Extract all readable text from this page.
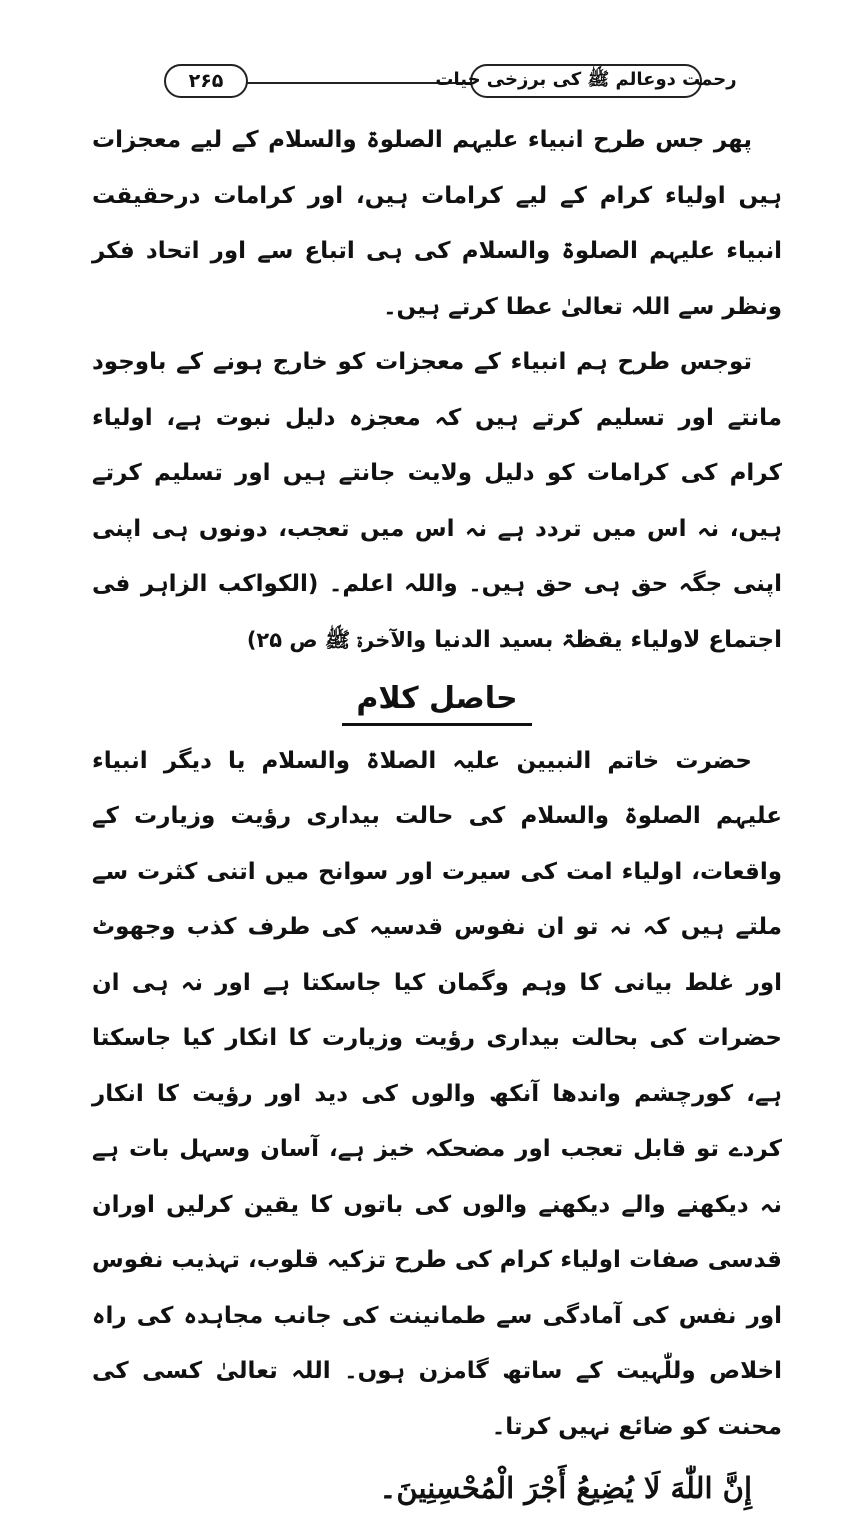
۲۶۵	رحمت دوعالم ﷺ کی برزخی حیات

پھر جس طرح انبیاء علیہم الصلوۃ والسلام کے لیے معجزات ہیں اولیاء کرام کے لیے کرامات ہیں، اور کرامات درحقیقت انبیاء علیہم الصلوۃ والسلام کی ہی اتباع سے اور اتحاد فکر ونظر سے اللہ تعالیٰ عطا کرتے ہیں۔

توجس طرح ہم انبیاء کے معجزات کو خارج ہونے کے باوجود مانتے اور تسلیم کرتے ہیں کہ معجزہ دلیل نبوت ہے، اولیاء کرام کی کرامات کو دلیل ولایت جانتے ہیں اور تسلیم کرتے ہیں، نہ اس میں تردد ہے نہ اس میں تعجب، دونوں ہی اپنی اپنی جگہ حق ہی حق ہیں۔ واللہ اعلم۔ (الکواکب الزاہر فی اجتماع لاولیاء یقظۃ بسید الدنیا والآخرۃ ﷺ ص ۲۵)

حاصل کلام

حضرت خاتم النبیین علیہ الصلاۃ والسلام یا دیگر انبیاء علیہم الصلوۃ والسلام کی حالت بیداری رؤیت وزیارت کے واقعات، اولیاء امت کی سیرت اور سوانح میں اتنی کثرت سے ملتے ہیں کہ نہ تو ان نفوس قدسیہ کی طرف کذب وجھوٹ اور غلط بیانی کا وہم وگمان کیا جاسکتا ہے اور نہ ہی ان حضرات کی بحالت بیداری رؤیت وزیارت کا انکار کیا جاسکتا ہے، کورچشم واندھا آنکھ والوں کی دید اور رؤیت کا انکار کردے تو قابل تعجب اور مضحکہ خیز ہے، آسان وسہل بات ہے نہ دیکھنے والے دیکھنے والوں کی باتوں کا یقین کرلیں اوران قدسی صفات اولیاء کرام کی طرح تزکیہ قلوب، تہذیب نفوس اور نفس کی آمادگی سے طمانینت کی جانب مجاہدہ کی راہ اخلاص وللّٰہیت کے ساتھ گامزن ہوں۔ اللہ تعالیٰ کسی کی محنت کو ضائع نہیں کرتا۔

إِنَّ اللّٰهَ لَا يُضِيعُ أَجْرَ الْمُحْسِنِينَ۔
